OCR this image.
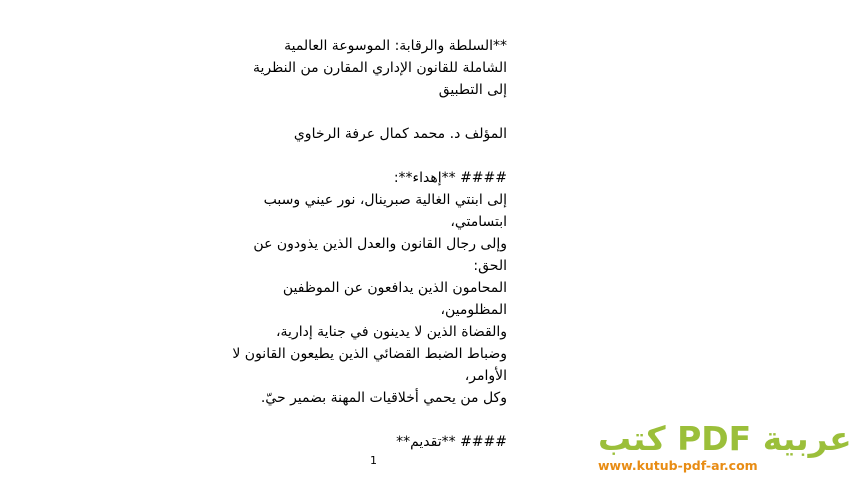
**السلطة والرقابة: الموسوعة العالمية
الشاملة للقانون الإداري المقارن من النظرية
إلى التطبيق
المؤلف د. محمد كمال عرفة الرخاوي
#### **إهداء**:
إلى ابنتي الغالية صبرينال، نور عيني وسبب
ابتسامتي،
وإلى رجال القانون والعدل الذين يذودون عن
الحق:
المحامون الذين يدافعون عن الموظفين
المظلومين،
والقضاة الذين لا يدينون في جناية إدارية،
وضباط الضبط القضائي الذين يطيعون القانون لا
الأوامر،
وكل من يحمي أخلاقيات المهنة بضمير حيّ.
#### **تقديم**
1
كتب PDF عربية
www.kutub-pdf-ar.com
